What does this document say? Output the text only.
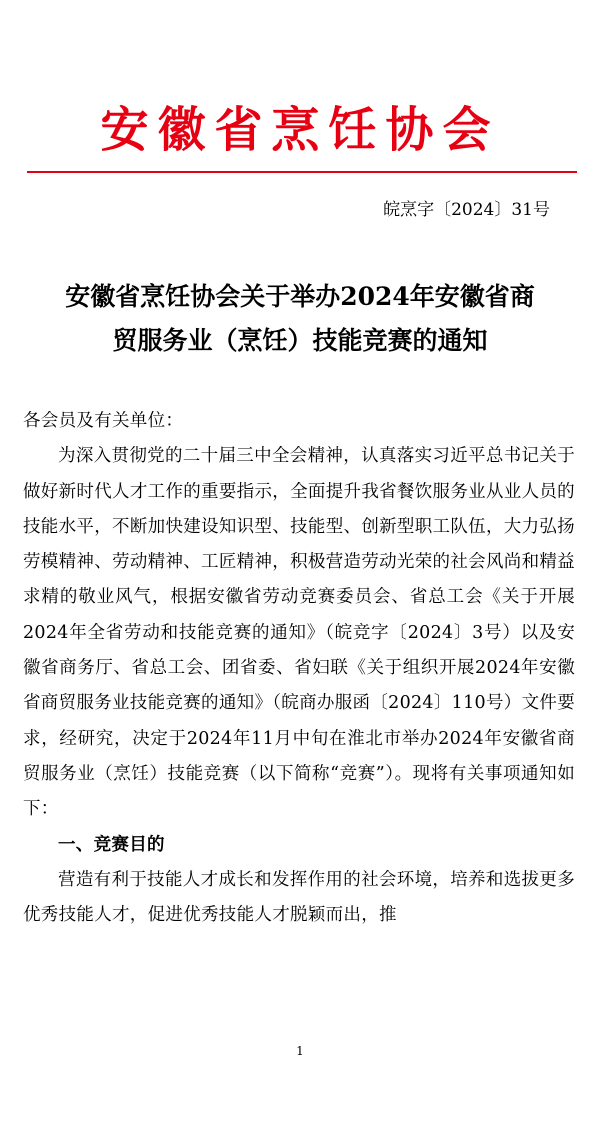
安徽省烹饪协会
皖烹字〔2024〕31号
安徽省烹饪协会关于举办2024年安徽省商
贸服务业（烹饪）技能竞赛的通知

各会员及有关单位：

为深入贯彻党的二十届三中全会精神，认真落实习近平总书记关于做好新时代人才工作的重要指示，全面提升我省餐饮服务业从业人员的技能水平，不断加快建设知识型、技能型、创新型职工队伍，大力弘扬劳模精神、劳动精神、工匠精神，积极营造劳动光荣的社会风尚和精益求精的敬业风气，根据安徽省劳动竞赛委员会、省总工会《关于开展2024年全省劳动和技能竞赛的通知》（皖竞字〔2024〕3号）以及安徽省商务厅、省总工会、团省委、省妇联《关于组织开展2024年安徽省商贸服务业技能竞赛的通知》（皖商办服函〔2024〕110号）文件要求，经研究，决定于2024年11月中旬在淮北市举办2024年安徽省商贸服务业（烹饪）技能竞赛（以下简称“竞赛”）。现将有关事项通知如下：

一、竞赛目的

营造有利于技能人才成长和发挥作用的社会环境，培养和选拔更多优秀技能人才，促进优秀技能人才脱颖而出，推

1
